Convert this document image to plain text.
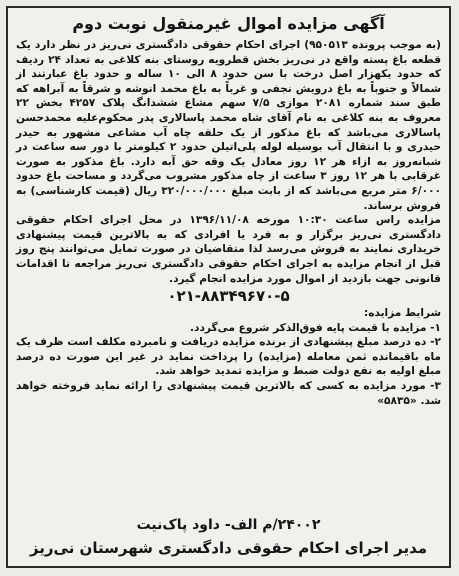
آگهی مزایده اموال غیرمنقول نوبت دوم

(به موجب پرونده ۹۵۰۵۱۳) اجرای احکام حقوقی دادگستری نی‌ریز در نظر دارد یک قطعه باغ پسته واقع در نی‌ریز بخش قطرویه روستای بنه کلاغی به تعداد ۲۴ ردیف که حدود یکهزار اصل درخت با سن حدود ۸ الی ۱۰ ساله و حدود باغ عبارتند از شمالاً و جنوباً به باغ درویش نجفی و غرباً به باغ محمد انوشه و شرقاً به آبراهه که طبق سند شماره ۲۰۸۱ موازی ۷/۵ سهم مشاع ششدانگ پلاک ۴۲۵۷ بخش ۲۲ معروف به بنه کلاغی به نام آقای شاه محمد پاسالاری پدر محکوم‌علیه محمدحسن پاسالاری می‌باشد که باغ مذکور از یک حلقه چاه آب مشاعی مشهور به حیدر حیدری و با انتقال آب بوسیله لوله پلی‌اتیلن حدود ۲ کیلومتر با دور سه ساعت در شبانه‌روز به ازاء هر ۱۲ روز معادل یک وقه حق آبه دارد. باغ مذکور به صورت غرقابی با هر ۱۲ روز ۳ ساعت از چاه مذکور مشروب می‌گردد و مساحت باغ حدود ۶/۰۰۰ متر مربع می‌باشد که از بابت مبلغ ۳۲۰/۰۰۰/۰۰۰ ریال (قیمت کارشناسی) به فروش برساند.

مزایده راس ساعت ۱۰:۳۰ مورخه ۱۳۹۶/۱۱/۰۸ در محل اجرای احکام حقوقی دادگستری نی‌ریز برگزار و به فرد یا افرادی که به بالاترین قیمت پیشنهادی خریداری نمایند به فروش می‌رسد لذا متقاضیان در صورت تمایل می‌توانند پنج روز قبل از انجام مزایده به اجرای احکام حقوقی دادگستری نی‌ریز مراجعه تا اقدامات قانونی جهت بازدید از اموال مورد مزایده انجام گیرد.

۰۲۱-۸۸۳۴۹۶۷۰-۵
شرایط مزایده:
۱- مزایده با قیمت پایه فوق‌الذکر شروع می‌گردد.
۲- ده درصد مبلغ پیشنهادی از برنده مزایده دریافت و نامبرده مکلف است ظرف یک ماه باقیمانده ثمن معامله (مزایده) را پرداخت نماید در غیر این صورت ده درصد مبلغ اولیه به نفع دولت ضبط و مزایده تمدید خواهد شد.
۳- مورد مزایده به کسی که بالاترین قیمت پیشنهادی را ارائه نماید فروخته خواهد شد. «۵۸۳۵»
۲۴۰۰۲/م الف- داود پاک‌نیت
مدیر اجرای احکام حقوقی دادگستری شهرستان نی‌ریز
